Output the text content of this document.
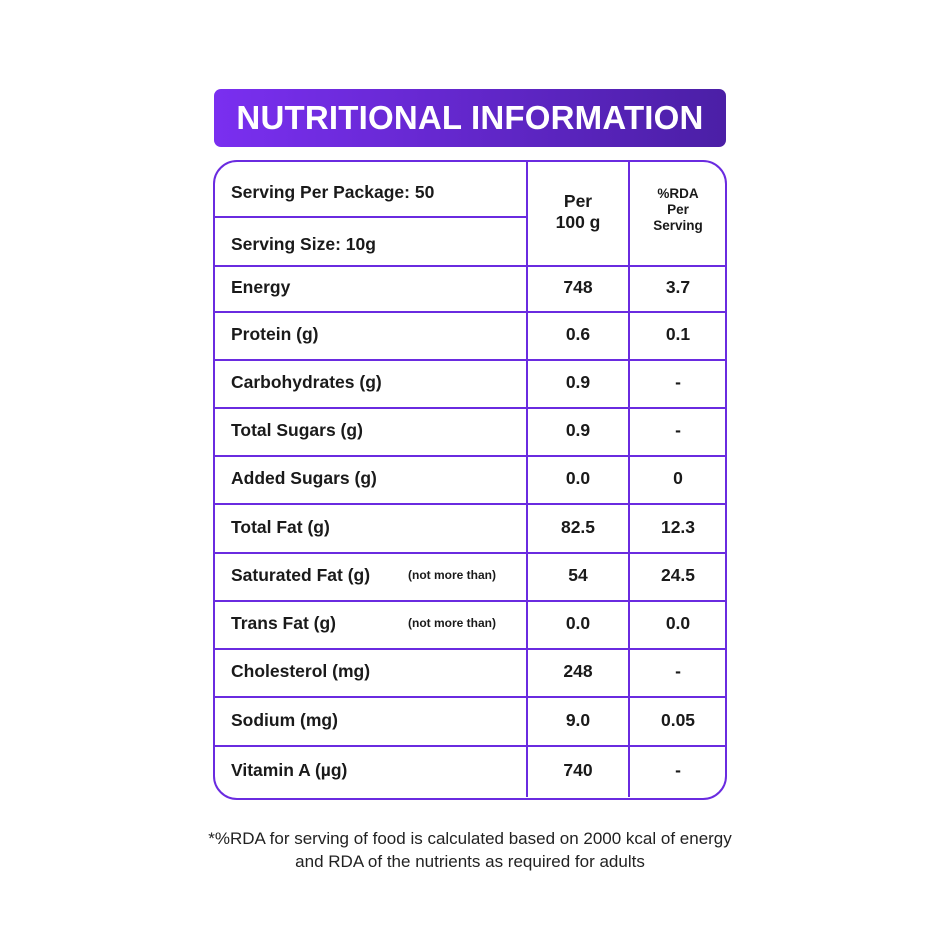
NUTRITIONAL INFORMATION
Serving Per Package: 50
Serving Size: 10g
Per
100 g
%RDA
Per
Serving
Energy	748	3.7
Protein (g)	0.6	0.1
Carbohydrates (g)	0.9	-
Total Sugars (g)	0.9	-
Added Sugars (g)	0.0	0
Total Fat (g)	82.5	12.3
Saturated Fat (g)	(not more than)	54	24.5
Trans Fat (g)	(not more than)	0.0	0.0
Cholesterol (mg)	248	-
Sodium (mg)	9.0	0.05
Vitamin A (µg)	740	-
*%RDA for serving of food is calculated based on 2000 kcal of energy
and RDA of the nutrients as required for adults
